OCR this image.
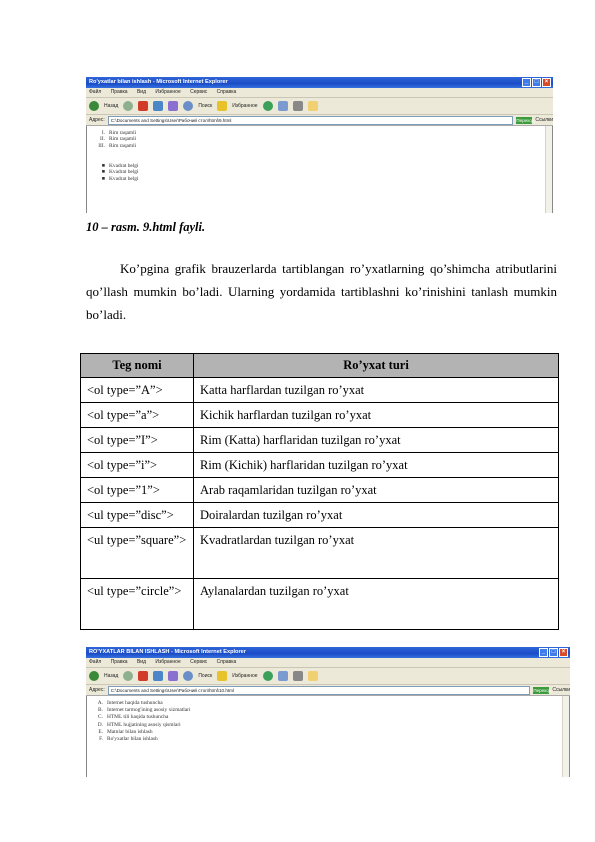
Ro'yxatlar bilan ishlash - Microsoft Internet Explorer	_	□	×
Файл Правка Вид Избранное Сервис Справка
Назад	Поиск	Избранное
Адрес:	C:\Documents and Settings\User\Рабочий стол\html\9.html	Переход Ссылки
I. Rim raqamli
II. Rim raqamli
III. Rim raqamli
■ Kvadrat belgi
■ Kvadrat belgi
■ Kvadrat belgi
10 – rasm. 9.html fayli.

Ko’pgina grafik brauzerlarda tartiblangan ro’yxatlarning qo’shimcha atributlarini qo’llash mumkin bo’ladi. Ularning yordamida tartiblashni ko’rinishini tanlash mumkin bo’ladi.

Teg nomi	Ro’yxat turi
<ol type=”A”>	Katta harflardan tuzilgan ro’yxat
<ol type=”a”>	Kichik harflardan tuzilgan ro’yxat
<ol type=”I”>	Rim (Katta) harflaridan tuzilgan ro’yxat
<ol type=”i”>	Rim (Kichik) harflaridan tuzilgan ro’yxat
<ol type=”1”>	Arab raqamlaridan tuzilgan ro’yxat
<ul type=”disc”>	Doiralardan tuzilgan ro’yxat
<ul type=”square”>	Kvadratlardan tuzilgan ro’yxat
<ul type=”circle”>	Aylanalardan tuzilgan ro’yxat
RO'YXATLAR BILAN ISHLASH - Microsoft Internet Explorer	_	□	×
Файл Правка Вид Избранное Сервис Справка
Назад	Поиск	Избранное
Адрес:	C:\Documents and Settings\User\Рабочий стол\html\10.html	Переход Ссылки
A. Internet haqida tushuncha
B. Internet tarmog'ining asosiy xizmatlari
C. HTML tili haqida tushuncha
D. HTML hujjatining asosiy qismlari
E. Matnlar bilan ishlash
F. Ro'yxatlar bilan ishlash
